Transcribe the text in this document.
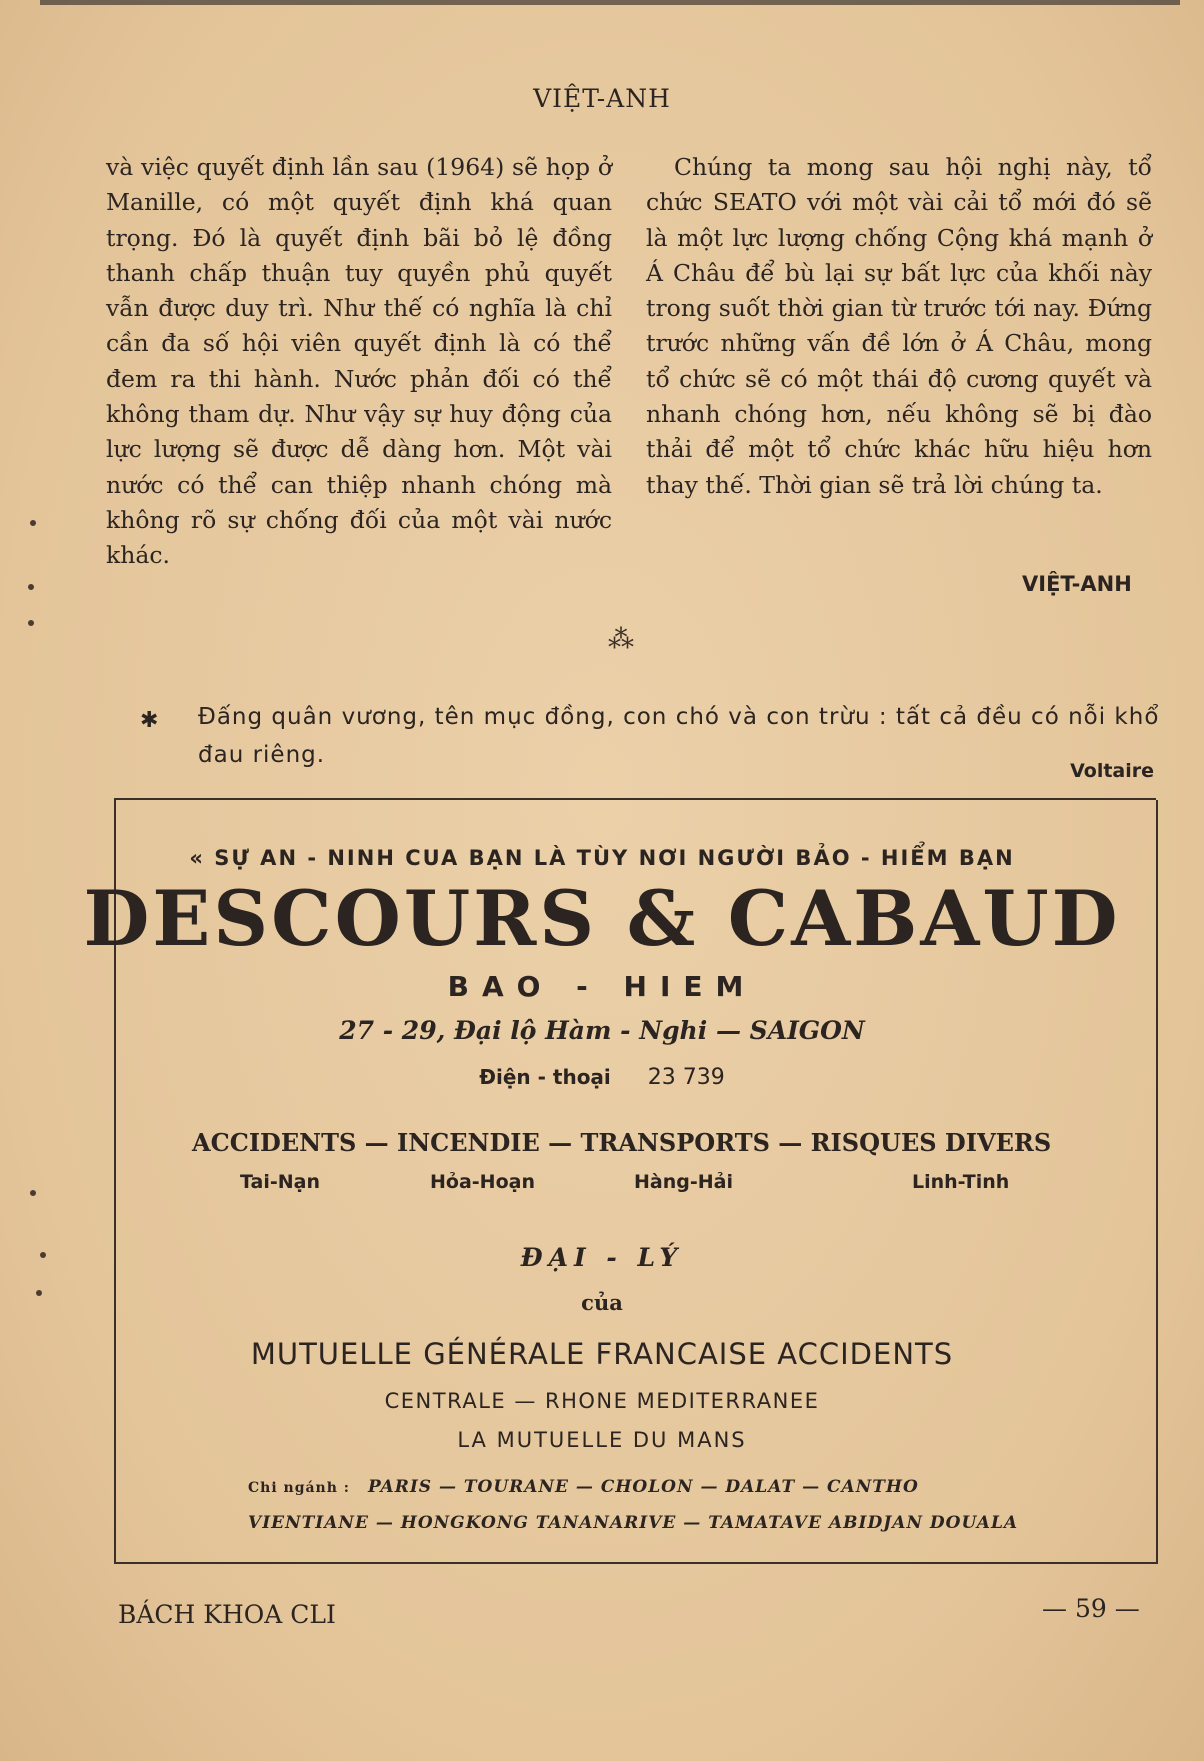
VIỆT-ANH

và việc quyết định lần sau (1964) sẽ họp ở Manille, có một quyết định khá quan trọng. Đó là quyết định bãi bỏ lệ đồng thanh chấp thuận tuy quyền phủ quyết vẫn được duy trì. Như thế có nghĩa là chỉ cần đa số hội viên quyết định là có thể đem ra thi hành. Nước phản đối có thể không tham dự. Như vậy sự huy động của lực lượng sẽ được dễ dàng hơn. Một vài nước có thể can thiệp nhanh chóng mà không rõ sự chống đối của một vài nước khác.

Chúng ta mong sau hội nghị này, tổ chức SEATO với một vài cải tổ mới đó sẽ là một lực lượng chống Cộng khá mạnh ở Á Châu để bù lại sự bất lực của khối này trong suốt thời gian từ trước tới nay. Đứng trước những vấn đề lớn ở Á Châu, mong tổ chức sẽ có một thái độ cương quyết và nhanh chóng hơn, nếu không sẽ bị đào thải để một tổ chức khác hữu hiệu hơn thay thế. Thời gian sẽ trả lời chúng ta.

VIỆT-ANH
⁂
✱ Đấng quân vương, tên mục đồng, con chó và con trừu : tất cả đều có nỗi khổ đau riêng.
Voltaire
« SỰ AN - NINH CUA BẠN LÀ TÙY NƠI NGƯỜI BẢO - HIỂM BẠN
DESCOURS & CABAUD
BAO - HIEM
27 - 29, Đại lộ Hàm - Nghi — SAIGON
Điện - thoại 23 739
ACCIDENTS — INCENDIE — TRANSPORTS — RISQUES DIVERS
Tai-Nạn	Hỏa-Hoạn	Hàng-Hải	Linh-Tinh
ĐẠI - LÝ
của
MUTUELLE GÉNÉRALE FRANCAISE ACCIDENTS
CENTRALE — RHONE MEDITERRANEE
LA MUTUELLE DU MANS
Chi ngánh : PARIS — TOURANE — CHOLON — DALAT — CANTHO
VIENTIANE — HONGKONG TANANARIVE — TAMATAVE ABIDJAN DOUALA
BÁCH KHOA CLI	— 59 —
